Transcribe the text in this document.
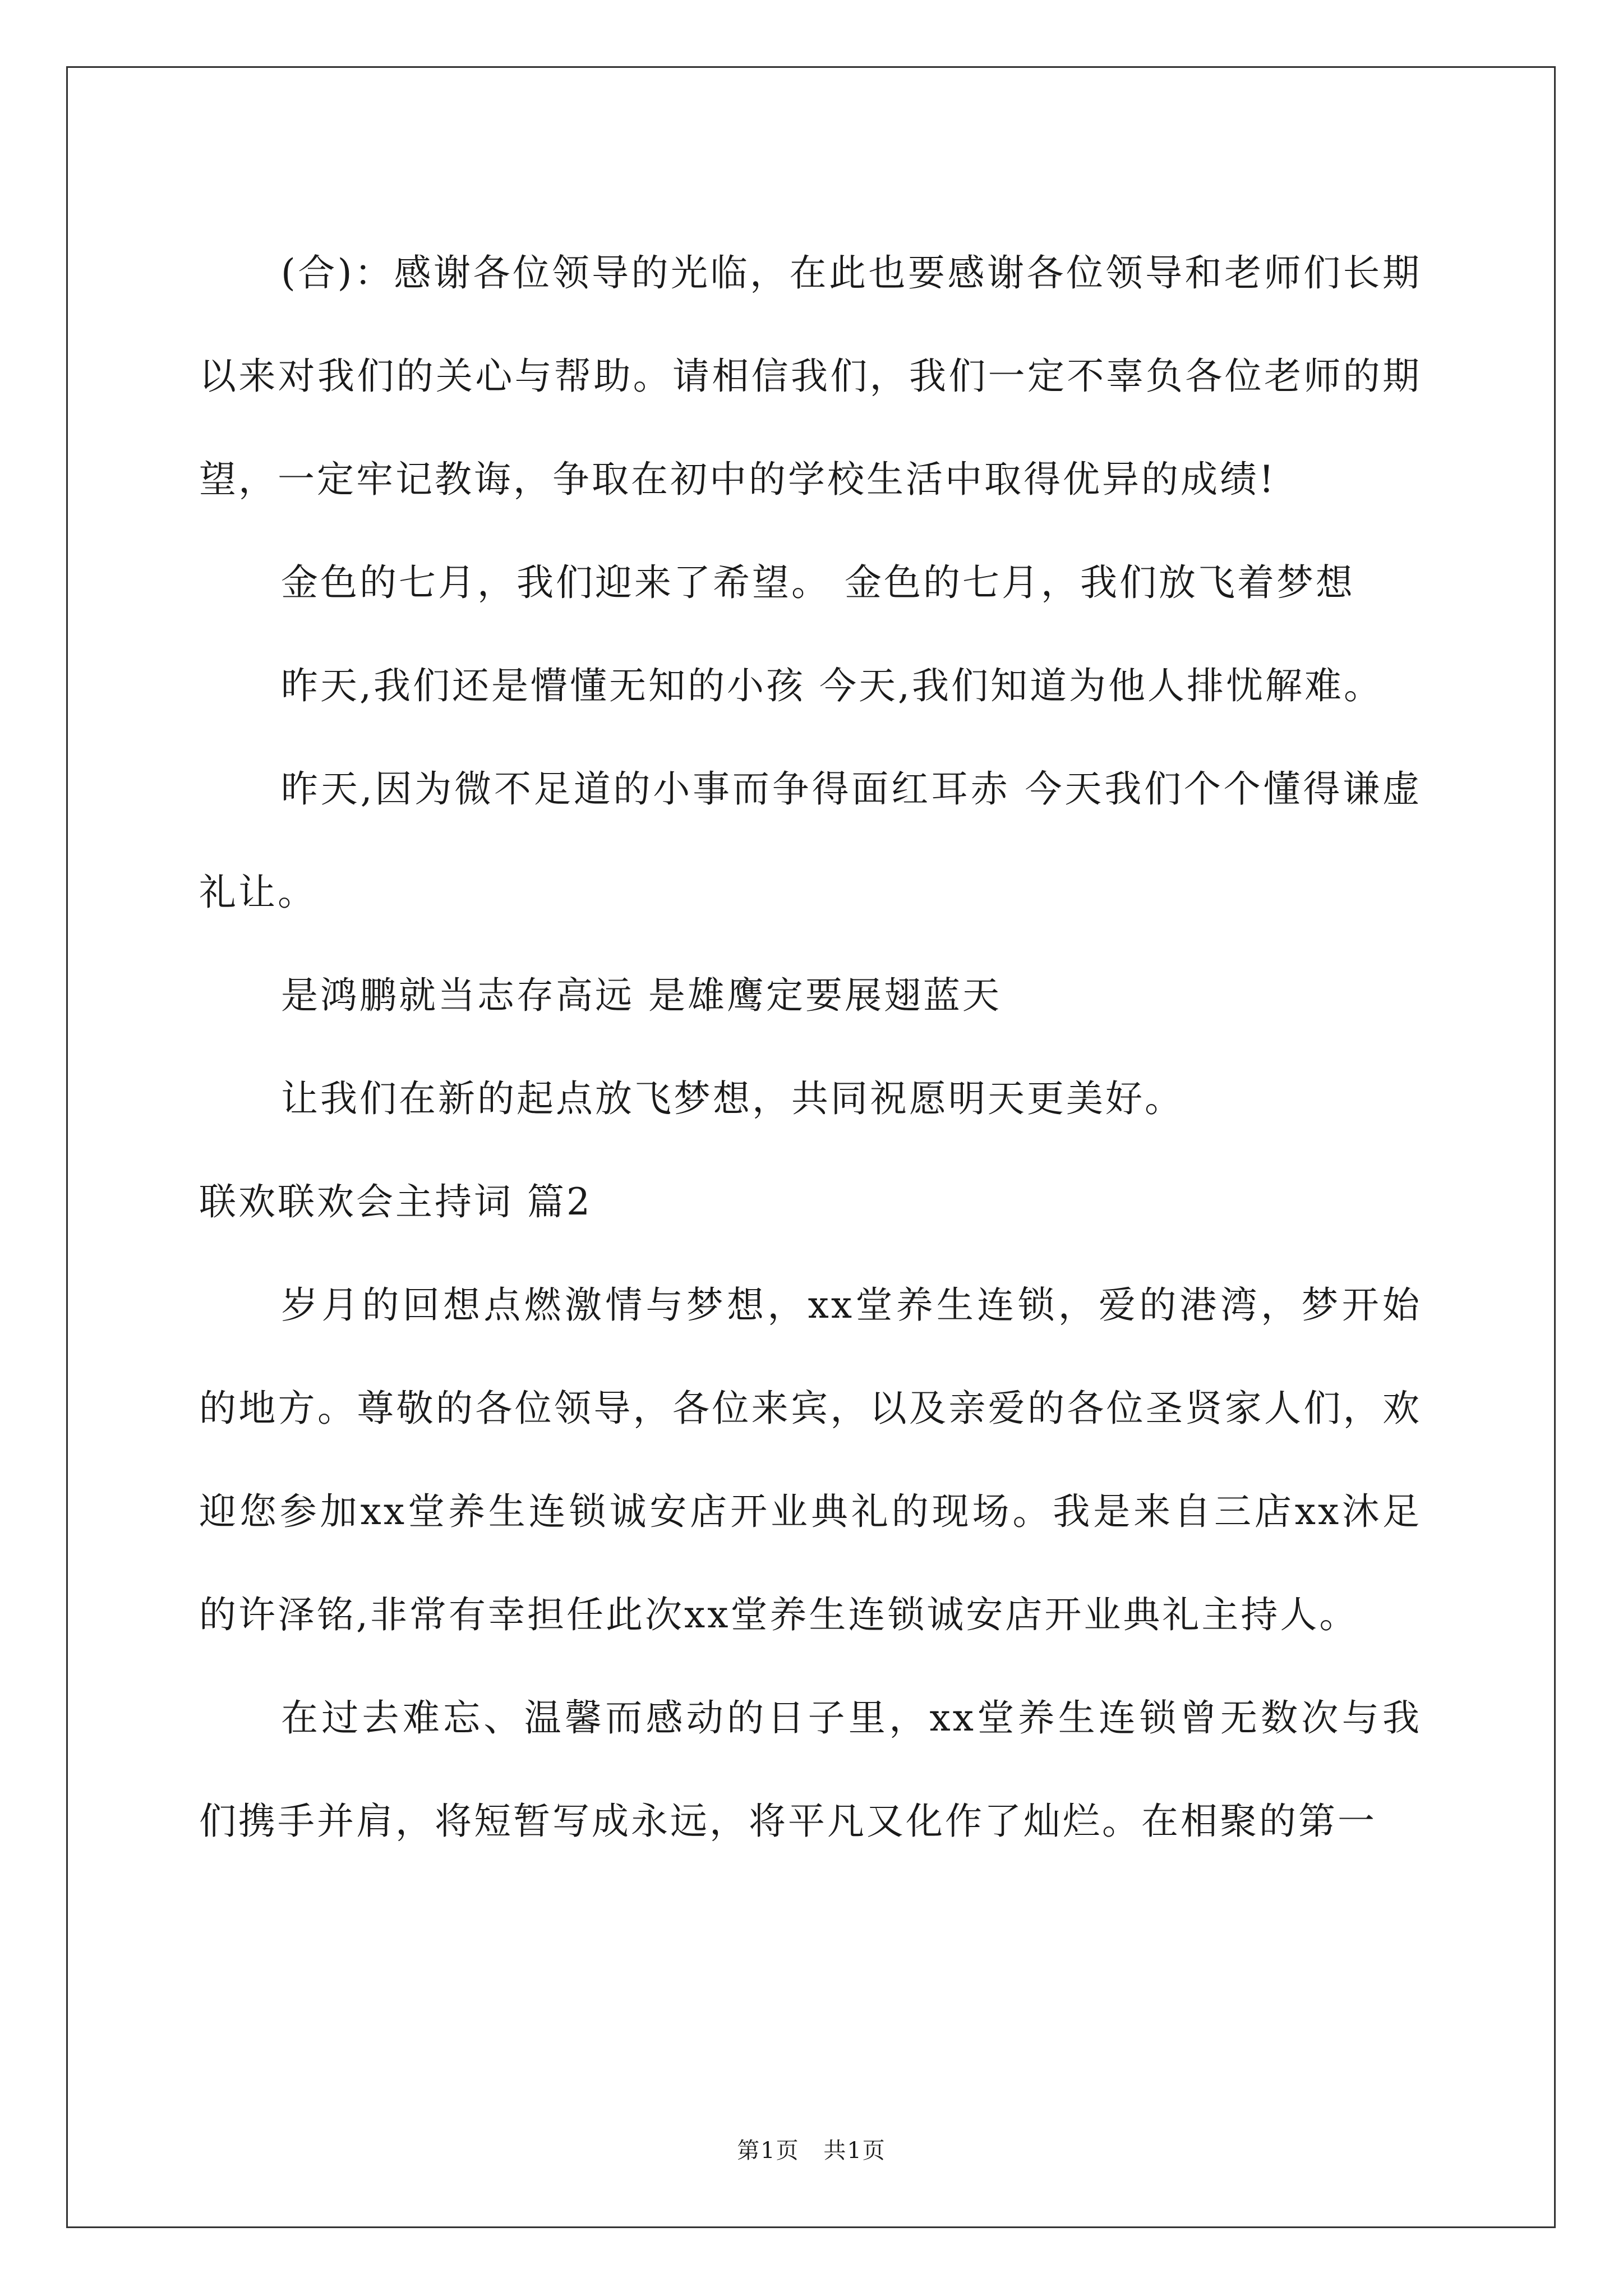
(合)：感谢各位领导的光临，在此也要感谢各位领导和老师们长期以来对我们的关心与帮助。请相信我们，我们一定不辜负各位老师的期望，一定牢记教诲，争取在初中的学校生活中取得优异的成绩!

金色的七月，我们迎来了希望。 金色的七月，我们放飞着梦想

昨天,我们还是懵懂无知的小孩 今天,我们知道为他人排忧解难。

昨天,因为微不足道的小事而争得面红耳赤 今天我们个个懂得谦虚礼让。

是鸿鹏就当志存高远 是雄鹰定要展翅蓝天

让我们在新的起点放飞梦想，共同祝愿明天更美好。

联欢联欢会主持词 篇2

岁月的回想点燃激情与梦想，xx堂养生连锁，爱的港湾，梦开始的地方。尊敬的各位领导，各位来宾，以及亲爱的各位圣贤家人们，欢迎您参加xx堂养生连锁诚安店开业典礼的现场。我是来自三店xx沐足的许泽铭,非常有幸担任此次xx堂养生连锁诚安店开业典礼主持人。

在过去难忘、温馨而感动的日子里，xx堂养生连锁曾无数次与我们携手并肩，将短暂写成永远，将平凡又化作了灿烂。在相聚的第一

第1页 共1页
